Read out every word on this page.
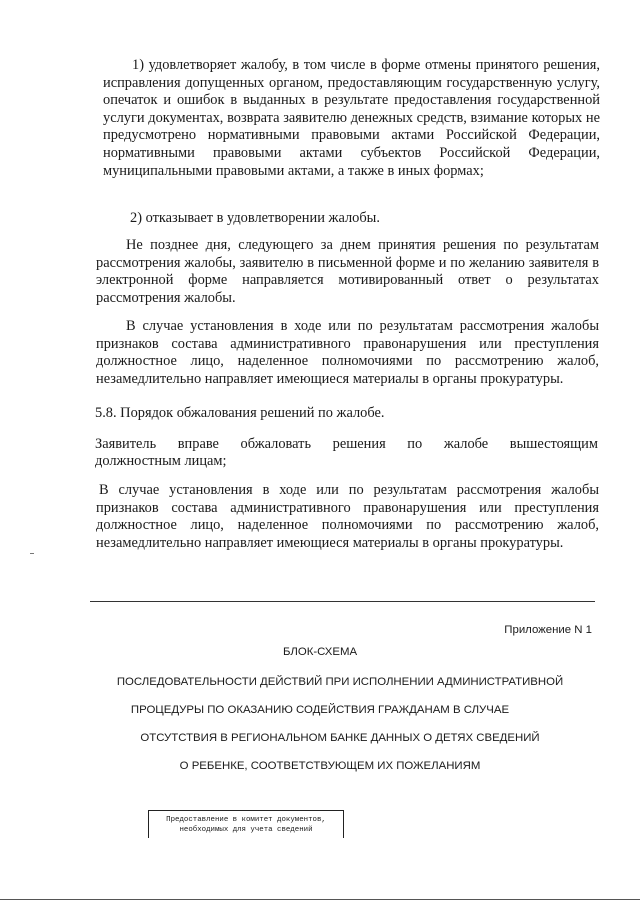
1) удовлетворяет жалобу, в том числе в форме отмены принятого решения, исправления допущенных органом, предоставляющим государственную услугу, опечаток и ошибок в выданных в результате предоставления государственной услуги документах, возврата заявителю денежных средств, взимание которых не предусмотрено нормативными правовыми актами Российской Федерации, нормативными правовыми актами субъектов Российской Федерации, муниципальными правовыми актами, а также в иных формах;

2) отказывает в удовлетворении жалобы.

Не позднее дня, следующего за днем принятия решения по результатам рассмотрения жалобы, заявителю в письменной форме и по желанию заявителя в электронной форме направляется мотивированный ответ о результатах рассмотрения жалобы.

В случае установления в ходе или по результатам рассмотрения жалобы признаков состава административного правонарушения или преступления должностное лицо, наделенное полномочиями по рассмотрению жалоб, незамедлительно направляет имеющиеся материалы в органы прокуратуры.

5.8. Порядок обжалования решений по жалобе.

Заявитель вправе обжаловать решения по жалобе вышестоящим

должностным лицам;

В случае установления в ходе или по результатам рассмотрения жалобы признаков состава административного правонарушения или преступления должностное лицо, наделенное полномочиями по рассмотрению жалоб, незамедлительно направляет имеющиеся материалы в органы прокуратуры.

Приложение N 1
БЛОК-СХЕМА
ПОСЛЕДОВАТЕЛЬНОСТИ ДЕЙСТВИЙ ПРИ ИСПОЛНЕНИИ АДМИНИСТРАТИВНОЙ
ПРОЦЕДУРЫ ПО ОКАЗАНИЮ СОДЕЙСТВИЯ ГРАЖДАНАМ В СЛУЧАЕ
ОТСУТСТВИЯ В РЕГИОНАЛЬНОМ БАНКЕ ДАННЫХ О ДЕТЯХ СВЕДЕНИЙ
О РЕБЕНКЕ, СООТВЕТСТВУЮЩЕМ ИХ ПОЖЕЛАНИЯМ
Предоставление в комитет документов,
необходимых для учета сведений
